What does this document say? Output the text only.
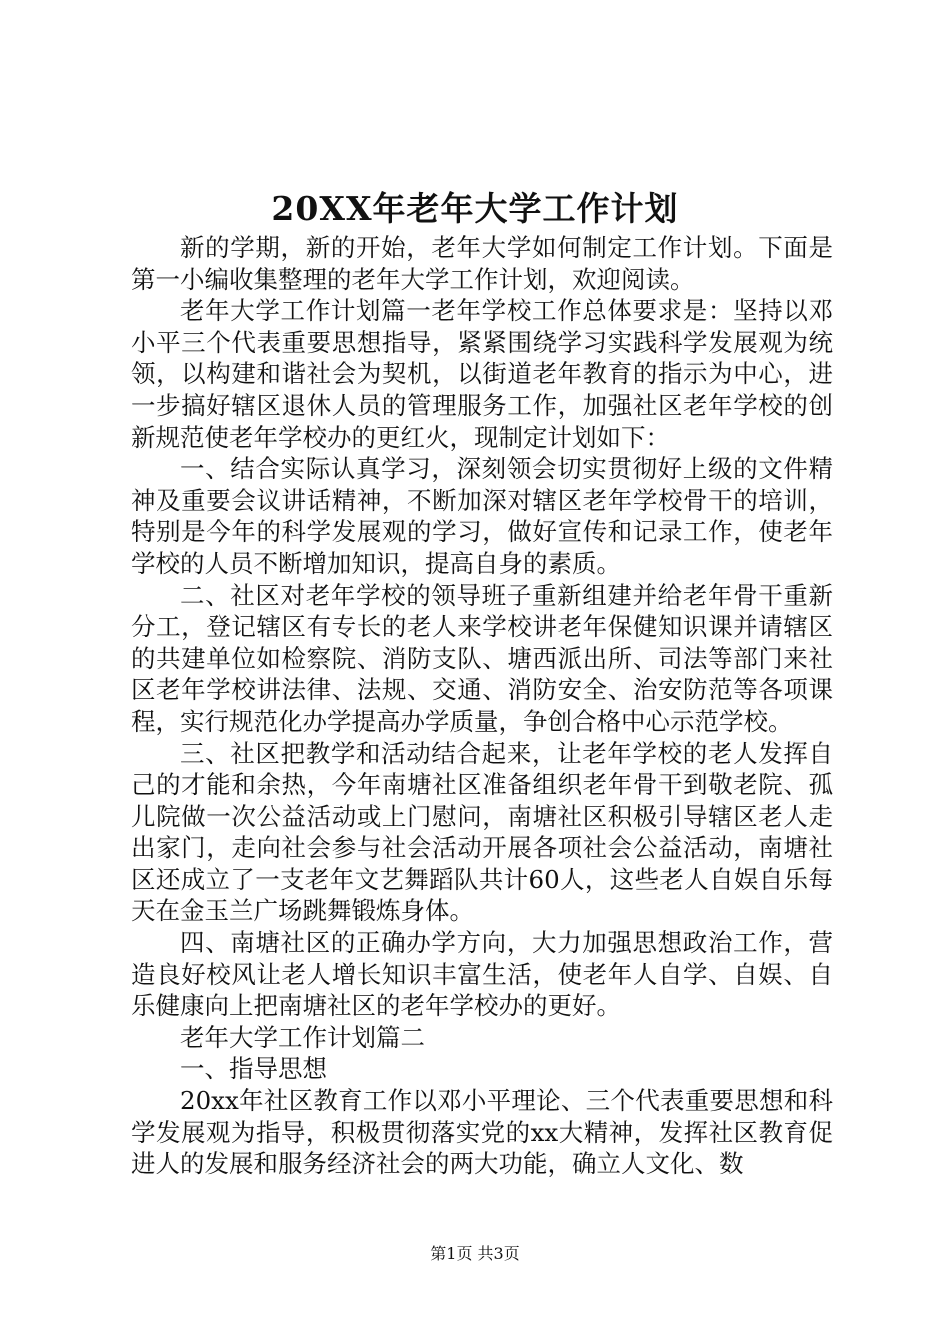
20XX年老年大学工作计划

新的学期，新的开始，老年大学如何制定工作计划。下面是第一小编收集整理的老年大学工作计划，欢迎阅读。

老年大学工作计划篇一老年学校工作总体要求是：坚持以邓小平三个代表重要思想指导，紧紧围绕学习实践科学发展观为统领，以构建和谐社会为契机，以街道老年教育的指示为中心，进一步搞好辖区退休人员的管理服务工作，加强社区老年学校的创新规范使老年学校办的更红火，现制定计划如下：

一、结合实际认真学习，深刻领会切实贯彻好上级的文件精神及重要会议讲话精神，不断加深对辖区老年学校骨干的培训，特别是今年的科学发展观的学习，做好宣传和记录工作，使老年学校的人员不断增加知识，提高自身的素质。

二、社区对老年学校的领导班子重新组建并给老年骨干重新分工，登记辖区有专长的老人来学校讲老年保健知识课并请辖区的共建单位如检察院、消防支队、塘西派出所、司法等部门来社区老年学校讲法律、法规、交通、消防安全、治安防范等各项课程，实行规范化办学提高办学质量，争创合格中心示范学校。

三、社区把教学和活动结合起来，让老年学校的老人发挥自己的才能和余热，今年南塘社区准备组织老年骨干到敬老院、孤儿院做一次公益活动或上门慰问，南塘社区积极引导辖区老人走出家门，走向社会参与社会活动开展各项社会公益活动，南塘社区还成立了一支老年文艺舞蹈队共计60人，这些老人自娱自乐每天在金玉兰广场跳舞锻炼身体。

四、南塘社区的正确办学方向，大力加强思想政治工作，营造良好校风让老人增长知识丰富生活，使老年人自学、自娱、自乐健康向上把南塘社区的老年学校办的更好。

老年大学工作计划篇二

一、指导思想

20xx年社区教育工作以邓小平理论、三个代表重要思想和科学发展观为指导，积极贯彻落实党的xx大精神，发挥社区教育促进人的发展和服务经济社会的两大功能，确立人文化、数

第1页 共3页
